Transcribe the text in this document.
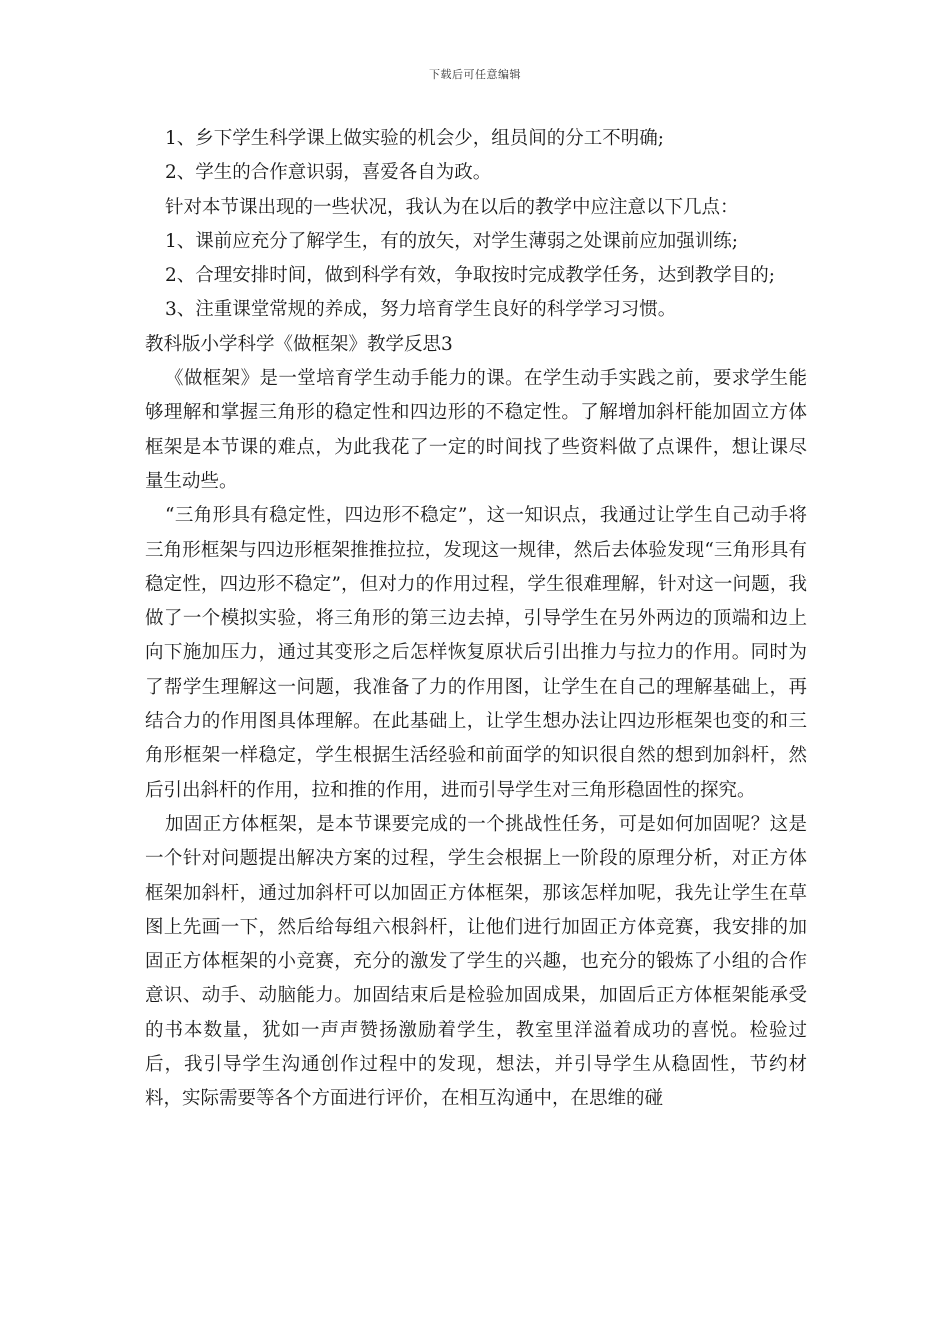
下载后可任意编辑

1、乡下学生科学课上做实验的机会少，组员间的分工不明确;

2、学生的合作意识弱，喜爱各自为政。

针对本节课出现的一些状况，我认为在以后的教学中应注意以下几点：

1、课前应充分了解学生，有的放矢，对学生薄弱之处课前应加强训练;

2、合理安排时间，做到科学有效，争取按时完成教学任务，达到教学目的;

3、注重课堂常规的养成，努力培育学生良好的科学学习习惯。

教科版小学科学《做框架》教学反思3

《做框架》是一堂培育学生动手能力的课。在学生动手实践之前，要求学生能够理解和掌握三角形的稳定性和四边形的不稳定性。了解增加斜杆能加固立方体框架是本节课的难点，为此我花了一定的时间找了些资料做了点课件，想让课尽量生动些。

“三角形具有稳定性，四边形不稳定”，这一知识点，我通过让学生自己动手将三角形框架与四边形框架推推拉拉，发现这一规律，然后去体验发现“三角形具有稳定性，四边形不稳定”，但对力的作用过程，学生很难理解，针对这一问题，我做了一个模拟实验，将三角形的第三边去掉，引导学生在另外两边的顶端和边上向下施加压力，通过其变形之后怎样恢复原状后引出推力与拉力的作用。同时为了帮学生理解这一问题，我准备了力的作用图，让学生在自己的理解基础上，再结合力的作用图具体理解。在此基础上，让学生想办法让四边形框架也变的和三角形框架一样稳定，学生根据生活经验和前面学的知识很自然的想到加斜杆，然后引出斜杆的作用，拉和推的作用，进而引导学生对三角形稳固性的探究。

加固正方体框架，是本节课要完成的一个挑战性任务，可是如何加固呢？这是一个针对问题提出解决方案的过程，学生会根据上一阶段的原理分析，对正方体框架加斜杆，通过加斜杆可以加固正方体框架，那该怎样加呢，我先让学生在草图上先画一下，然后给每组六根斜杆，让他们进行加固正方体竞赛，我安排的加固正方体框架的小竞赛，充分的激发了学生的兴趣，也充分的锻炼了小组的合作意识、动手、动脑能力。加固结束后是检验加固成果，加固后正方体框架能承受的书本数量，犹如一声声赞扬激励着学生，教室里洋溢着成功的喜悦。检验过后，我引导学生沟通创作过程中的发现，想法，并引导学生从稳固性，节约材料，实际需要等各个方面进行评价，在相互沟通中，在思维的碰
